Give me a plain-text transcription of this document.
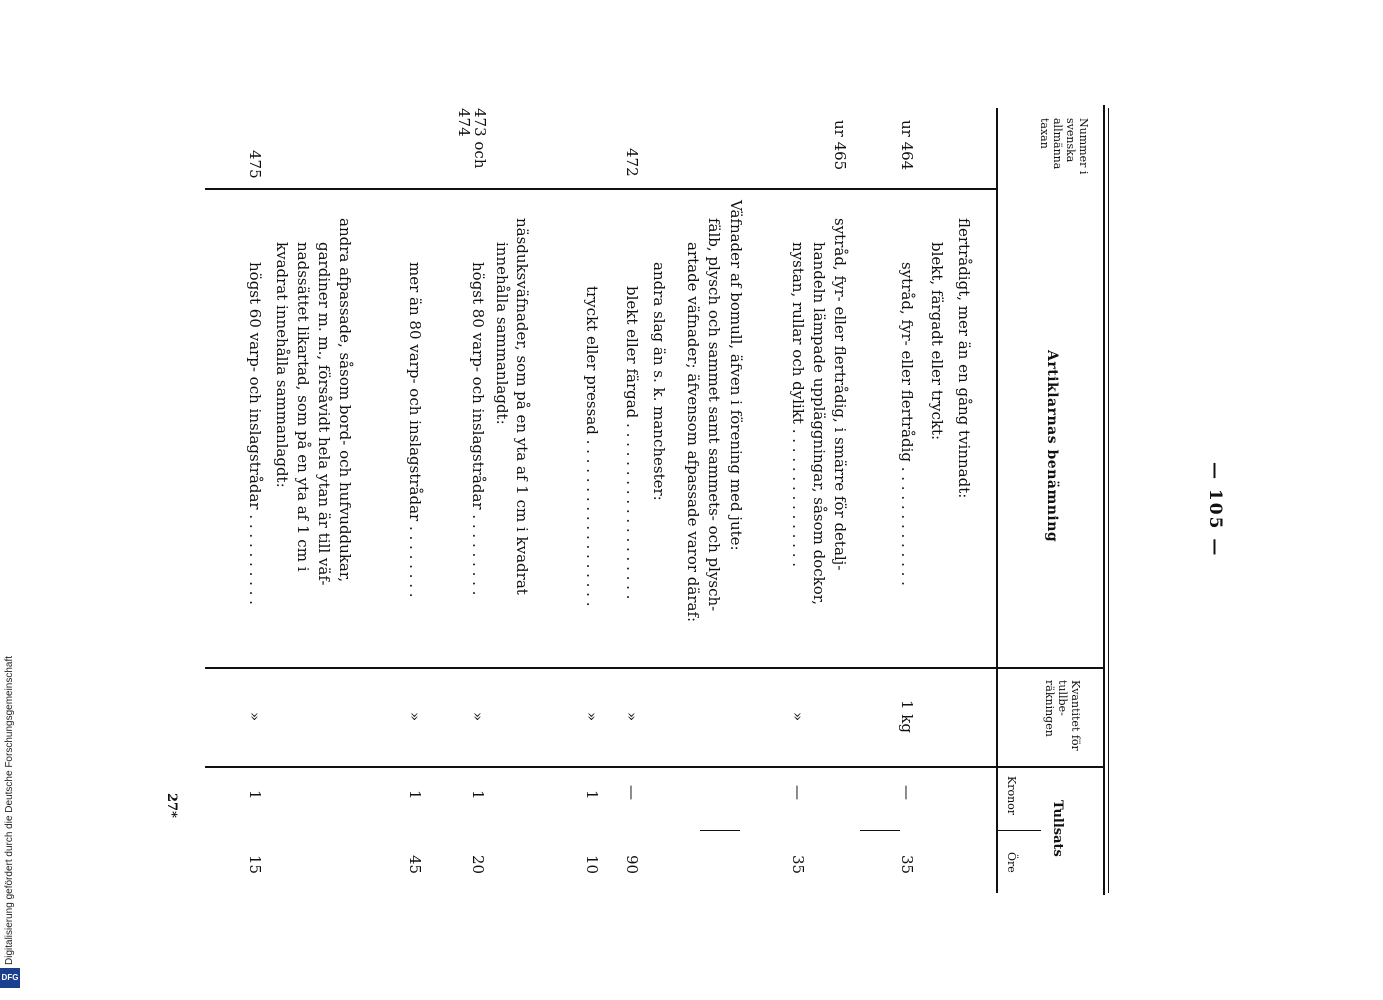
— 105 —
Nummer i svenska allmänna taxan
Artiklarnas benämning
Kvantitet för tullbe- räkningen
Tullsats
Kronor
Öre
flertrådigt, mer än en gång tvinnadt:
blekt, färgadt eller tryckt:
ur 464
sytråd, fyr- eller flertrådig . . . . . . . . . . . . .
1 kg
—
35
ur 465
sytråd, fyr- eller flertrådig, i smärre för detalj-
handeln lämpade uppläggningar, såsom dockor,
nystan, rullar och dylikt . . . . . . . . . . . . . . .
»
—
35
Väfnader af bomull, äfven i förening med jute:
fälb, plysch och sammet samt sammets- och plysch-
artade väfnader; äfvensom afpassade varor däraf:
andra slag än s. k. manchester:
472
blekt eller färgad . . . . . . . . . . . . . . . . . . .
»
—
90
tryckt eller pressad . . . . . . . . . . . . . . . . . .
»
1
10
näsduksväfnader, som på en yta af 1 cm i kvadrat
innehålla sammanlagdt:
473 och 474
högst 80 varp- och inslagstrådar . . . . . . . . .
»
1
20
mer än 80 varp- och inslagstrådar . . . . . . . .
»
1
45
andra afpassade, såsom bord- och hufvuddukar,
gardiner m. m., försåvidt hela ytan är till väf-
nadssättet likartad, som på en yta af 1 cm i
kvadrat innehålla sammanlagdt:
475
högst 60 varp- och inslagstrådar . . . . . . . . . .
»
1
15
27*
Digitalisierung gefördert durch die Deutsche Forschungsgemeinschaft
DFG
